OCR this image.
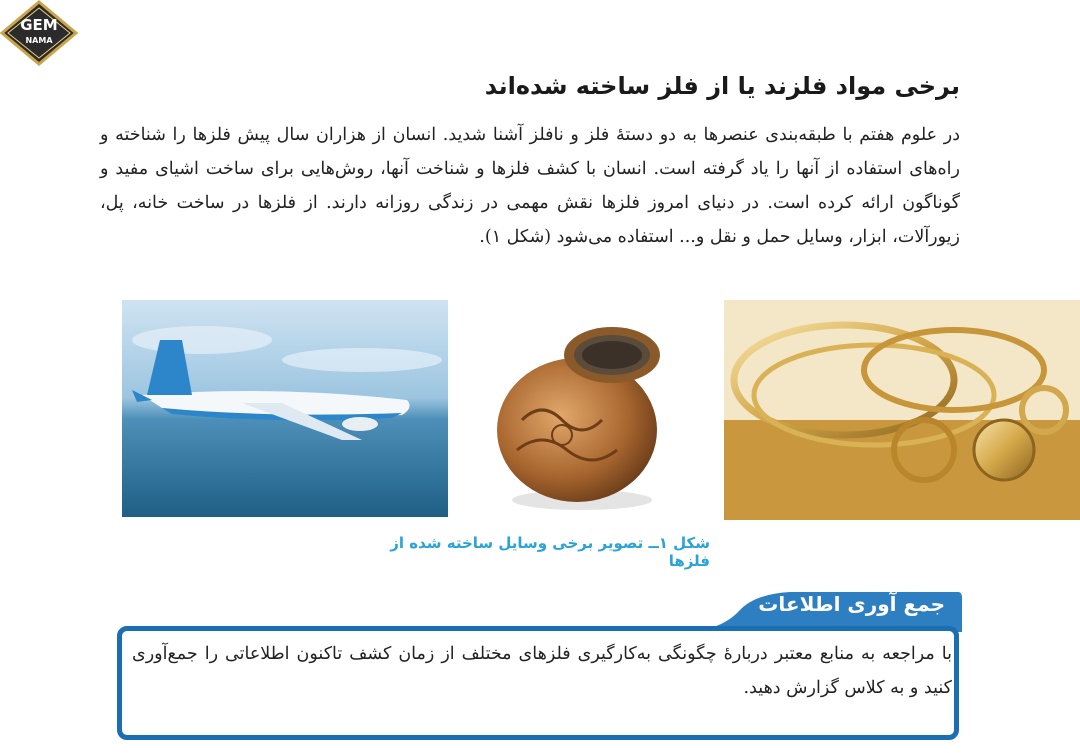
GEM
NAMA
برخی مواد فلزند یا از فلز ساخته شده‌اند

در علوم هفتم با طبقه‌بندی عنصرها به دو دستهٔ فلز و نافلز آشنا شدید. انسان از هزاران سال پیش فلزها را شناخته و راه‌های استفاده از آنها را یاد گرفته است. انسان با کشف فلزها و شناخت آنها، روش‌هایی برای ساخت اشیای مفید و گوناگون ارائه کرده است. در دنیای امروز فلزها نقش مهمی در زندگی روزانه دارند. از فلزها در ساخت خانه، پل، زیورآلات، ابزار، وسایل حمل و نقل و... استفاده می‌شود (شکل ۱).

شکل ۱ــ تصویر برخی وسایل ساخته شده از فلزها
جمع آوری اطلاعات

با مراجعه به منابع معتبر دربارهٔ چگونگی به‌کارگیری فلزهای مختلف از زمان کشف تاکنون اطلاعاتی را جمع‌آوری کنید و به کلاس گزارش دهید.
